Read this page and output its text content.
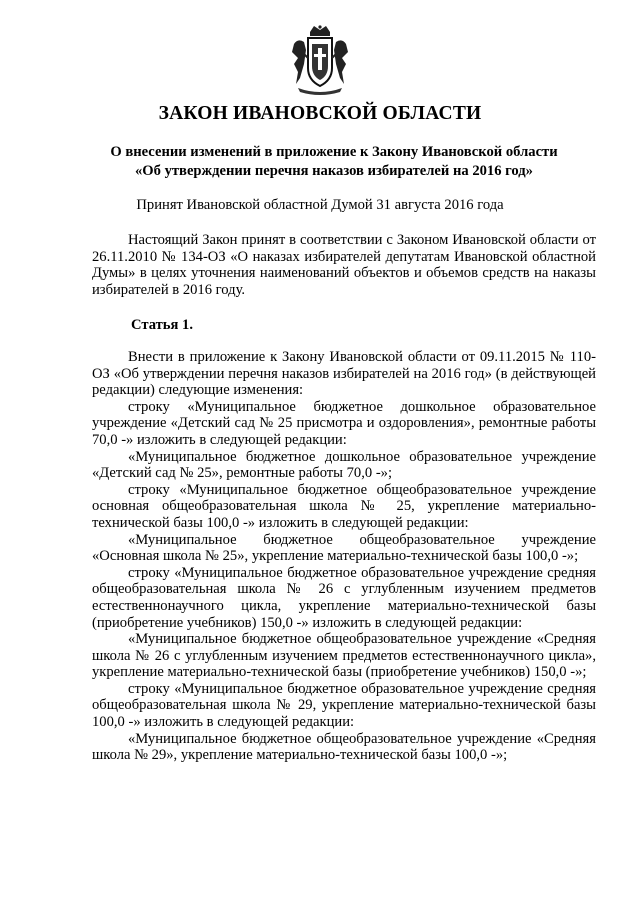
ЗАКОН ИВАНОВСКОЙ ОБЛАСТИ
О внесении изменений в приложение к Закону Ивановской области
«Об утверждении перечня наказов избирателей на 2016 год»
Принят Ивановской областной Думой 31 августа 2016 года

Настоящий Закон принят в соответствии с Законом Ивановской области от 26.11.2010 № 134-ОЗ «О наказах избирателей депутатам Ивановской областной Думы» в целях уточнения наименований объектов и объемов средств на наказы избирателей в 2016 году.

Статья 1.

Внести в приложение к Закону Ивановской области от 09.11.2015 № 110-ОЗ «Об утверждении перечня наказов избирателей на 2016 год» (в действующей редакции) следующие изменения:

строку «Муниципальное бюджетное дошкольное образовательное учреждение «Детский сад № 25 присмотра и оздоровления», ремонтные работы 70,0 -» изложить в следующей редакции:

«Муниципальное бюджетное дошкольное образовательное учреждение «Детский сад № 25», ремонтные работы 70,0 -»;

строку «Муниципальное бюджетное общеобразовательное учреждение основная общеобразовательная школа № 25, укрепление материально-технической базы 100,0 -» изложить в следующей редакции:

«Муниципальное бюджетное общеобразовательное учреждение «Основная школа № 25», укрепление материально-технической базы 100,0 -»;

строку «Муниципальное бюджетное образовательное учреждение средняя общеобразовательная школа № 26 с углубленным изучением предметов естественнонаучного цикла, укрепление материально-технической базы (приобретение учебников) 150,0 -» изложить в следующей редакции:

«Муниципальное бюджетное общеобразовательное учреждение «Средняя школа № 26 с углубленным изучением предметов естественнонаучного цикла», укрепление материально-технической базы (приобретение учебников) 150,0 -»;

строку «Муниципальное бюджетное образовательное учреждение средняя общеобразовательная школа № 29, укрепление материально-технической базы 100,0 -» изложить в следующей редакции:

«Муниципальное бюджетное общеобразовательное учреждение «Средняя школа № 29», укрепление материально-технической базы 100,0 -»;
